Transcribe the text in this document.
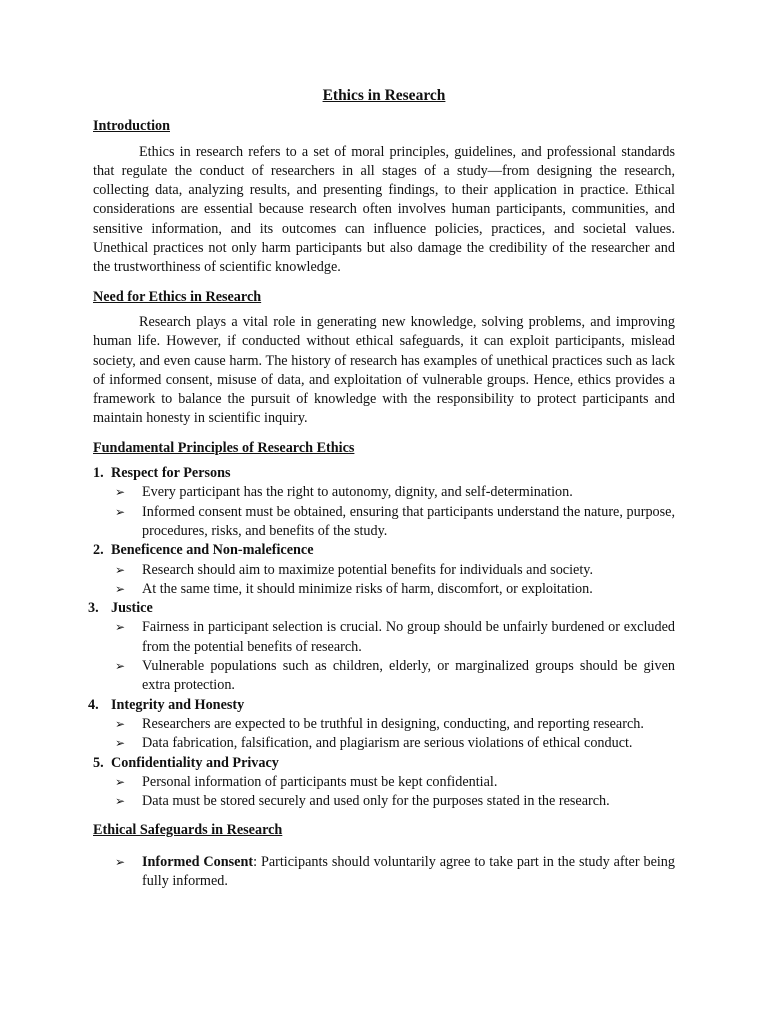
Ethics in Research
Introduction

Ethics in research refers to a set of moral principles, guidelines, and professional standards that regulate the conduct of researchers in all stages of a study—from designing the research, collecting data, analyzing results, and presenting findings, to their application in practice. Ethical considerations are essential because research often involves human participants, communities, and sensitive information, and its outcomes can influence policies, practices, and societal values. Unethical practices not only harm participants but also damage the credibility of the researcher and the trustworthiness of scientific knowledge.

Need for Ethics in Research

Research plays a vital role in generating new knowledge, solving problems, and improving human life. However, if conducted without ethical safeguards, it can exploit participants, mislead society, and even cause harm. The history of research has examples of unethical practices such as lack of informed consent, misuse of data, and exploitation of vulnerable groups. Hence, ethics provides a framework to balance the pursuit of knowledge with the responsibility to protect participants and maintain honesty in scientific inquiry.

Fundamental Principles of Research Ethics
1. Respect for Persons
➢	Every participant has the right to autonomy, dignity, and self-determination.
➢	Informed consent must be obtained, ensuring that participants understand the nature, purpose, procedures, risks, and benefits of the study.
2. Beneficence and Non-maleficence
➢	Research should aim to maximize potential benefits for individuals and society.
➢	At the same time, it should minimize risks of harm, discomfort, or exploitation.
3. Justice
➢	Fairness in participant selection is crucial. No group should be unfairly burdened or excluded from the potential benefits of research.
➢	Vulnerable populations such as children, elderly, or marginalized groups should be given extra protection.
4. Integrity and Honesty
➢	Researchers are expected to be truthful in designing, conducting, and reporting research.
➢	Data fabrication, falsification, and plagiarism are serious violations of ethical conduct.
5. Confidentiality and Privacy
➢	Personal information of participants must be kept confidential.
➢	Data must be stored securely and used only for the purposes stated in the research.
Ethical Safeguards in Research
➢	Informed Consent: Participants should voluntarily agree to take part in the study after being fully informed.
